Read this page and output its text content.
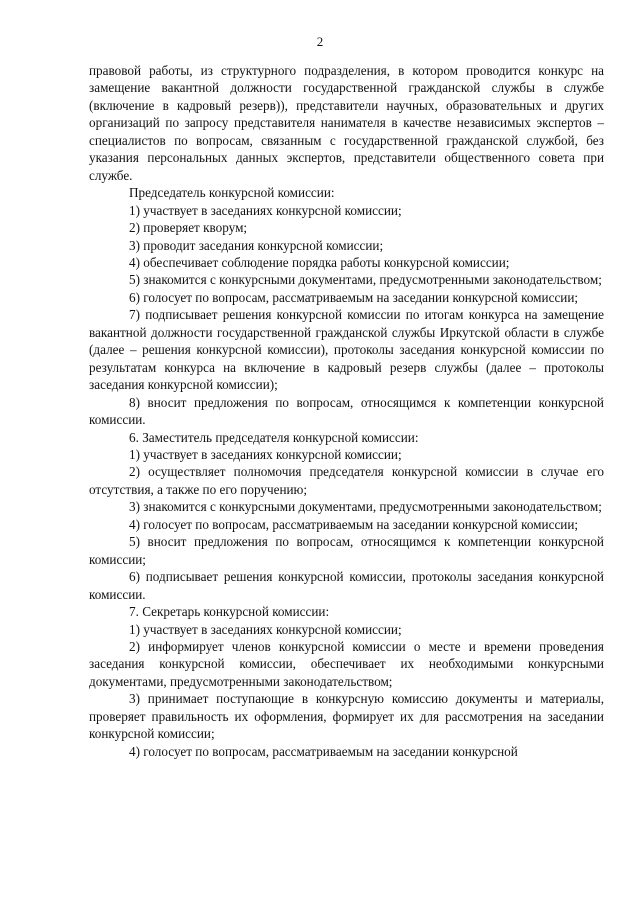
2

правовой работы, из структурного подразделения, в котором проводится конкурс на замещение вакантной должности государственной гражданской службы в службе (включение в кадровый резерв)), представители научных, образовательных и других организаций по запросу представителя нанимателя в качестве независимых экспертов – специалистов по вопросам, связанным с государственной гражданской службой, без указания персональных данных экспертов, представители общественного совета при службе.

Председатель конкурсной комиссии:

1) участвует в заседаниях конкурсной комиссии;

2) проверяет кворум;

3) проводит заседания конкурсной комиссии;

4) обеспечивает соблюдение порядка работы конкурсной комиссии;

5) знакомится с конкурсными документами, предусмотренными законодательством;

6) голосует по вопросам, рассматриваемым на заседании конкурсной комиссии;

7) подписывает решения конкурсной комиссии по итогам конкурса на замещение вакантной должности государственной гражданской службы Иркутской области в службе (далее – решения конкурсной комиссии), протоколы заседания конкурсной комиссии по результатам конкурса на включение в кадровый резерв службы (далее – протоколы заседания конкурсной комиссии);

8) вносит предложения по вопросам, относящимся к компетенции конкурсной комиссии.

6. Заместитель председателя конкурсной комиссии:

1) участвует в заседаниях конкурсной комиссии;

2) осуществляет полномочия председателя конкурсной комиссии в случае его отсутствия, а также по его поручению;

3) знакомится с конкурсными документами, предусмотренными законодательством;

4) голосует по вопросам, рассматриваемым на заседании конкурсной комиссии;

5) вносит предложения по вопросам, относящимся к компетенции конкурсной комиссии;

6) подписывает решения конкурсной комиссии, протоколы заседания конкурсной комиссии.

7. Секретарь конкурсной комиссии:

1) участвует в заседаниях конкурсной комиссии;

2) информирует членов конкурсной комиссии о месте и времени проведения заседания конкурсной комиссии, обеспечивает их необходимыми конкурсными документами, предусмотренными законодательством;

3) принимает поступающие в конкурсную комиссию документы и материалы, проверяет правильность их оформления, формирует их для рассмотрения на заседании конкурсной комиссии;

4) голосует по вопросам, рассматриваемым на заседании конкурсной
